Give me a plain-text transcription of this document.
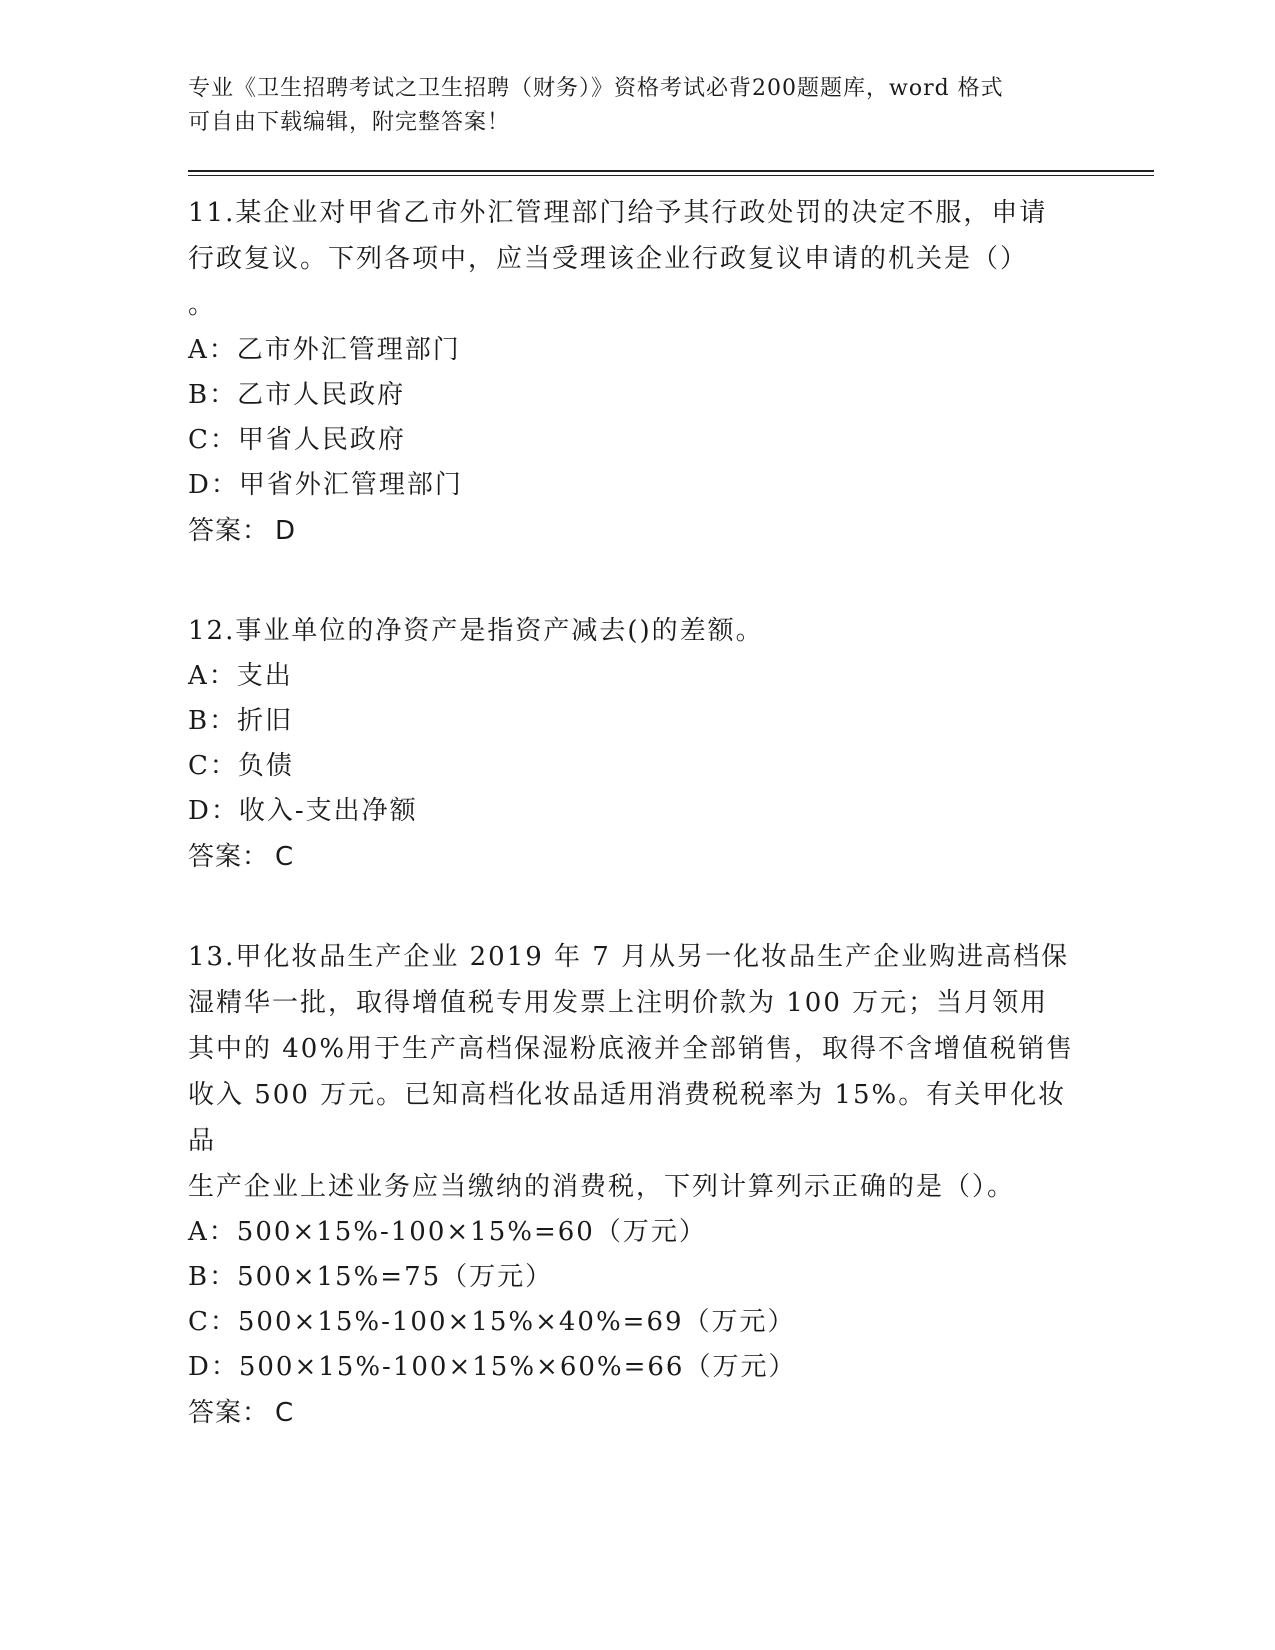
专业《卫生招聘考试之卫生招聘（财务）》资格考试必背200题题库，word 格式
可自由下载编辑，附完整答案！
11.某企业对甲省乙市外汇管理部门给予其行政处罚的决定不服，申请
行政复议。下列各项中，应当受理该企业行政复议申请的机关是（）
。
A：乙市外汇管理部门
B：乙市人民政府
C：甲省人民政府
D：甲省外汇管理部门
答案： D
12.事业单位的净资产是指资产减去()的差额。
A：支出
B：折旧
C：负债
D：收入-支出净额
答案： C
13.甲化妆品生产企业 2019 年 7 月从另一化妆品生产企业购进高档保
湿精华一批，取得增值税专用发票上注明价款为 100 万元；当月领用
其中的 40%用于生产高档保湿粉底液并全部销售，取得不含增值税销售
收入 500 万元。已知高档化妆品适用消费税税率为 15%。有关甲化妆品
生产企业上述业务应当缴纳的消费税，下列计算列示正确的是（）。
A：500×15%-100×15%=60（万元）
B：500×15%=75（万元）
C：500×15%-100×15%×40%=69（万元）
D：500×15%-100×15%×60%=66（万元）
答案： C
